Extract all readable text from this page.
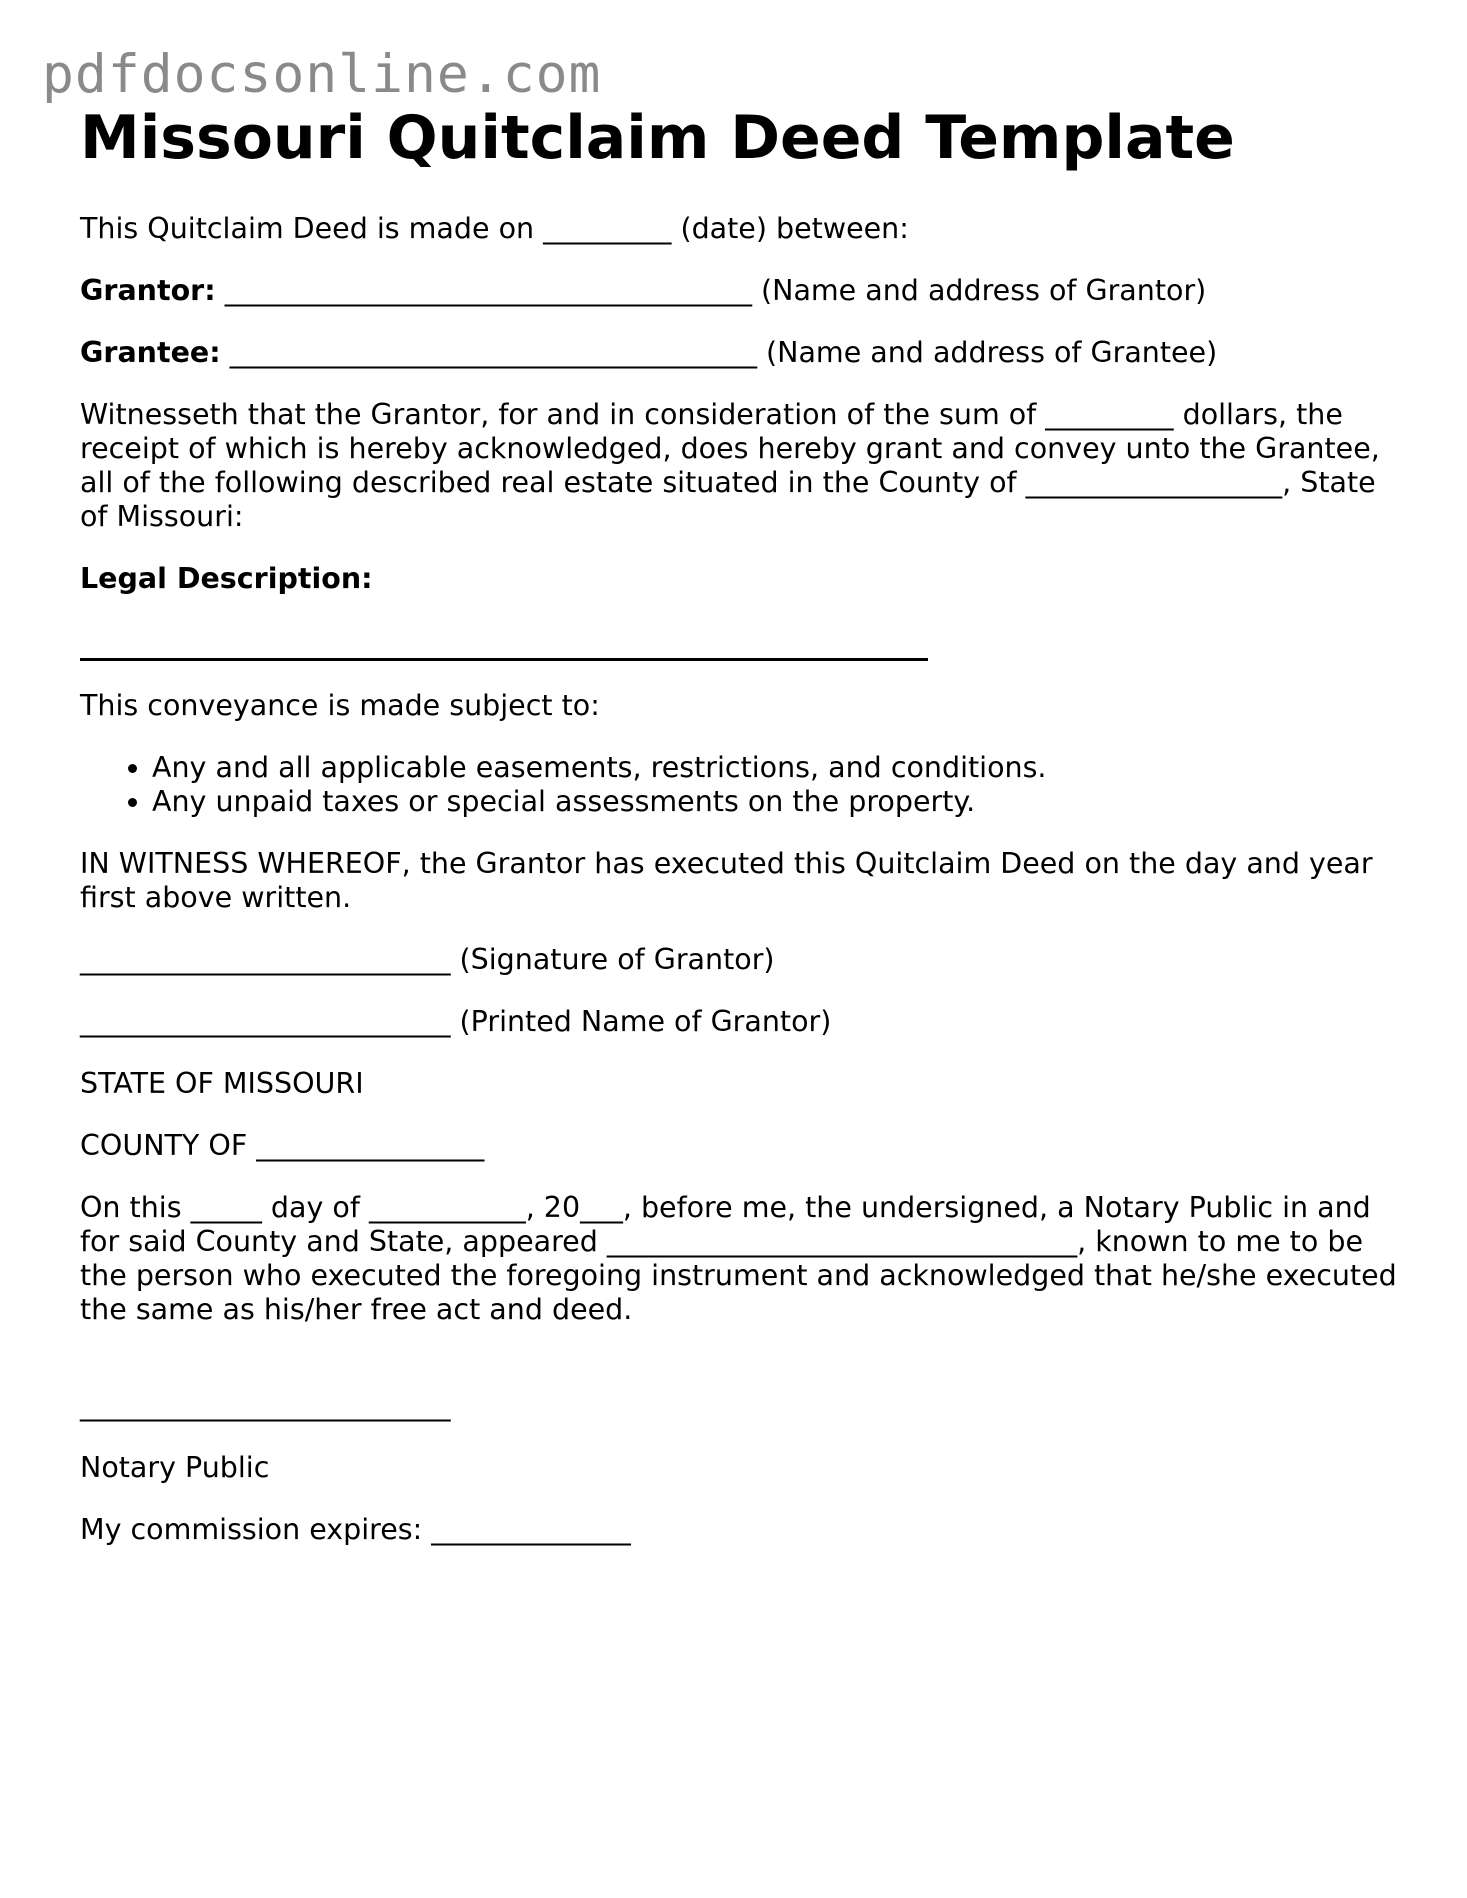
pdfdocsonline.com
Missouri Quitclaim Deed Template

This Quitclaim Deed is made on _________ (date) between:

Grantor: _____________________________________ (Name and address of Grantor)

Grantee: _____________________________________ (Name and address of Grantee)

Witnesseth that the Grantor, for and in consideration of the sum of _________ dollars, the receipt of which is hereby acknowledged, does hereby grant and convey unto the Grantee, all of the following described real estate situated in the County of __________________, State of Missouri:

Legal Description:

This conveyance is made subject to:

• Any and all applicable easements, restrictions, and conditions.
• Any unpaid taxes or special assessments on the property.

IN WITNESS WHEREOF, the Grantor has executed this Quitclaim Deed on the day and year first above written.

__________________________ (Signature of Grantor)

__________________________ (Printed Name of Grantor)

STATE OF MISSOURI

COUNTY OF ________________

On this _____ day of ___________, 20___, before me, the undersigned, a Notary Public in and for said County and State, appeared _________________________________, known to me to be the person who executed the foregoing instrument and acknowledged that he/she executed the same as his/her free act and deed.

__________________________

Notary Public

My commission expires: ______________
